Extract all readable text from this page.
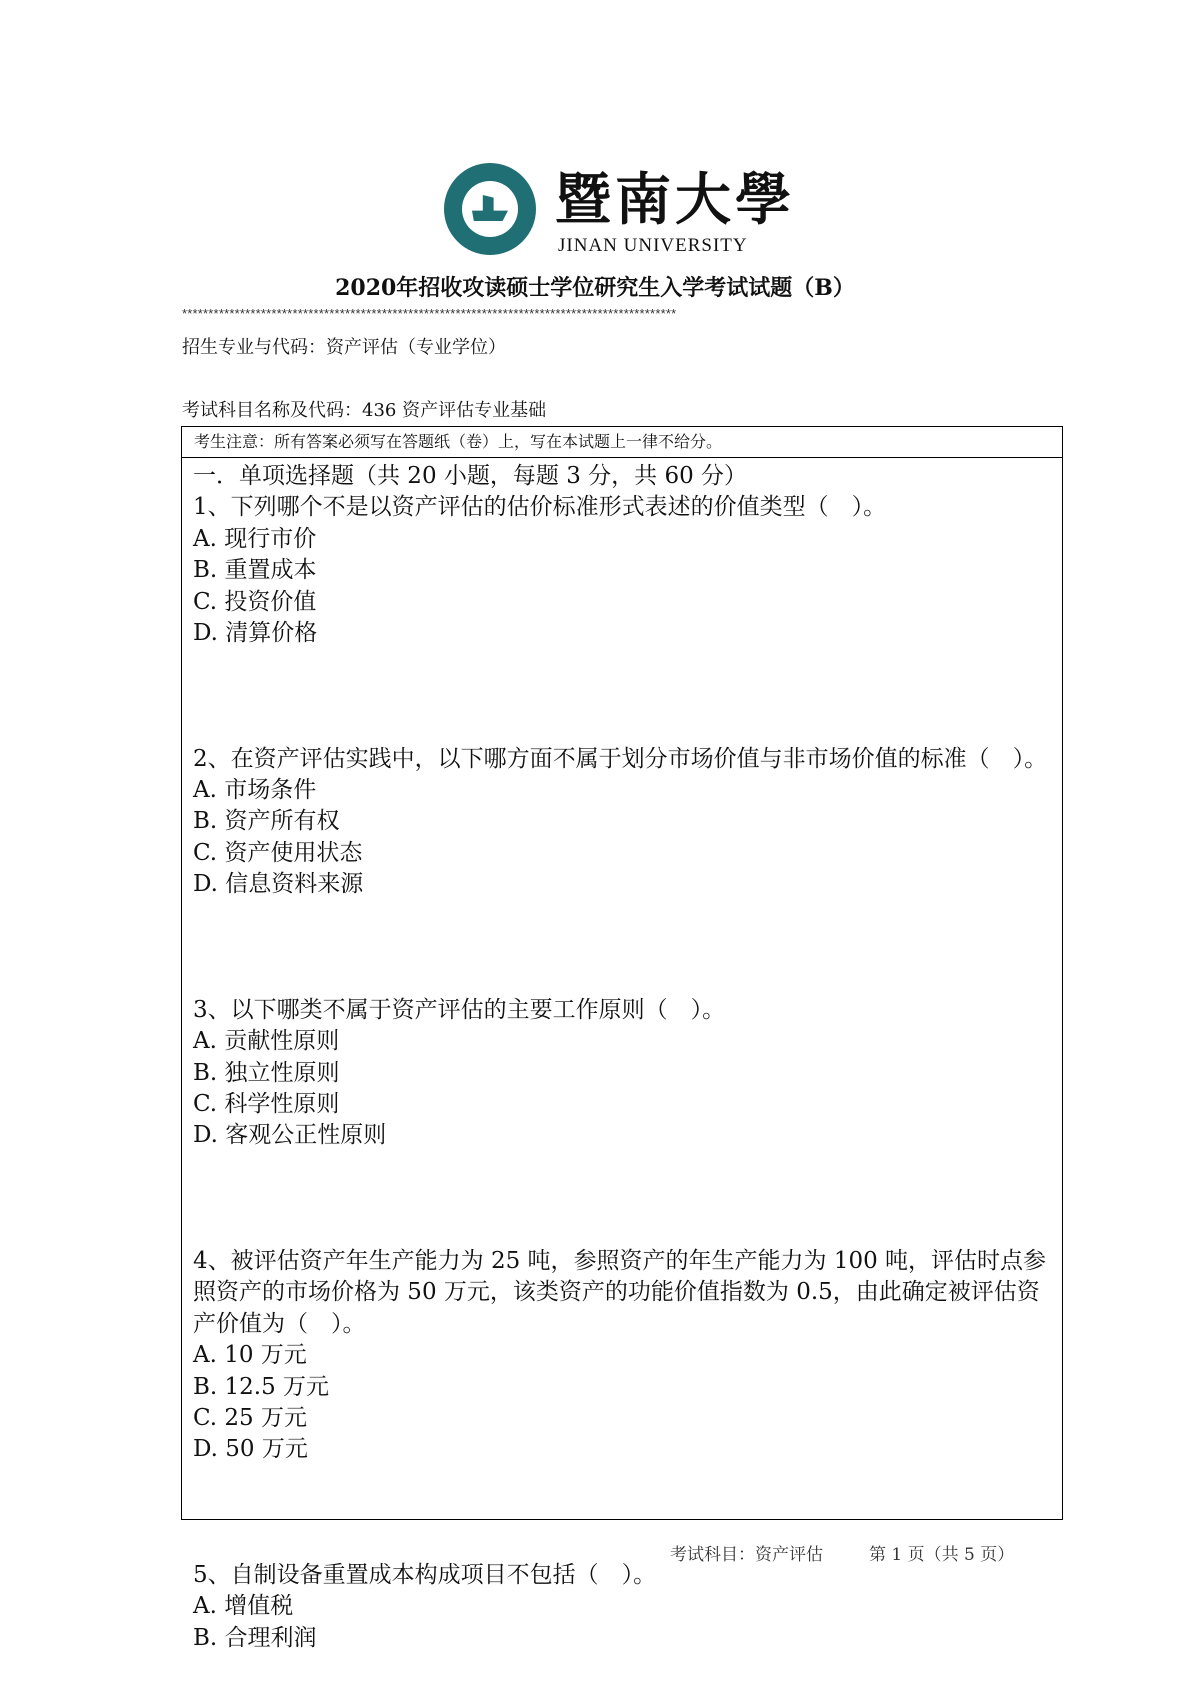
暨南大學
JINAN UNIVERSITY
2020年招收攻读硕士学位研究生入学考试试题（B）
**********************************************************************************************
招生专业与代码：资产评估（专业学位）
考试科目名称及代码：436 资产评估专业基础
考生注意：所有答案必须写在答题纸（卷）上，写在本试题上一律不给分。
一．单项选择题（共 20 小题，每题 3 分，共 60 分）
1、下列哪个不是以资产评估的估价标准形式表述的价值类型（　）。
A. 现行市价
B. 重置成本
C. 投资价值
D. 清算价格
2、在资产评估实践中，以下哪方面不属于划分市场价值与非市场价值的标准（　）。
A. 市场条件
B. 资产所有权
C. 资产使用状态
D. 信息资料来源
3、以下哪类不属于资产评估的主要工作原则（　）。
A. 贡献性原则
B. 独立性原则
C. 科学性原则
D. 客观公正性原则
4、被评估资产年生产能力为 25 吨，参照资产的年生产能力为 100 吨，评估时点参
照资产的市场价格为 50 万元，该类资产的功能价值指数为 0.5，由此确定被评估资
产价值为（　）。
A. 10 万元
B. 12.5 万元
C. 25 万元
D. 50 万元
5、自制设备重置成本构成项目不包括（　）。
A. 增值税
B. 合理利润
考试科目：资产评估	第 1 页（共 5 页）
